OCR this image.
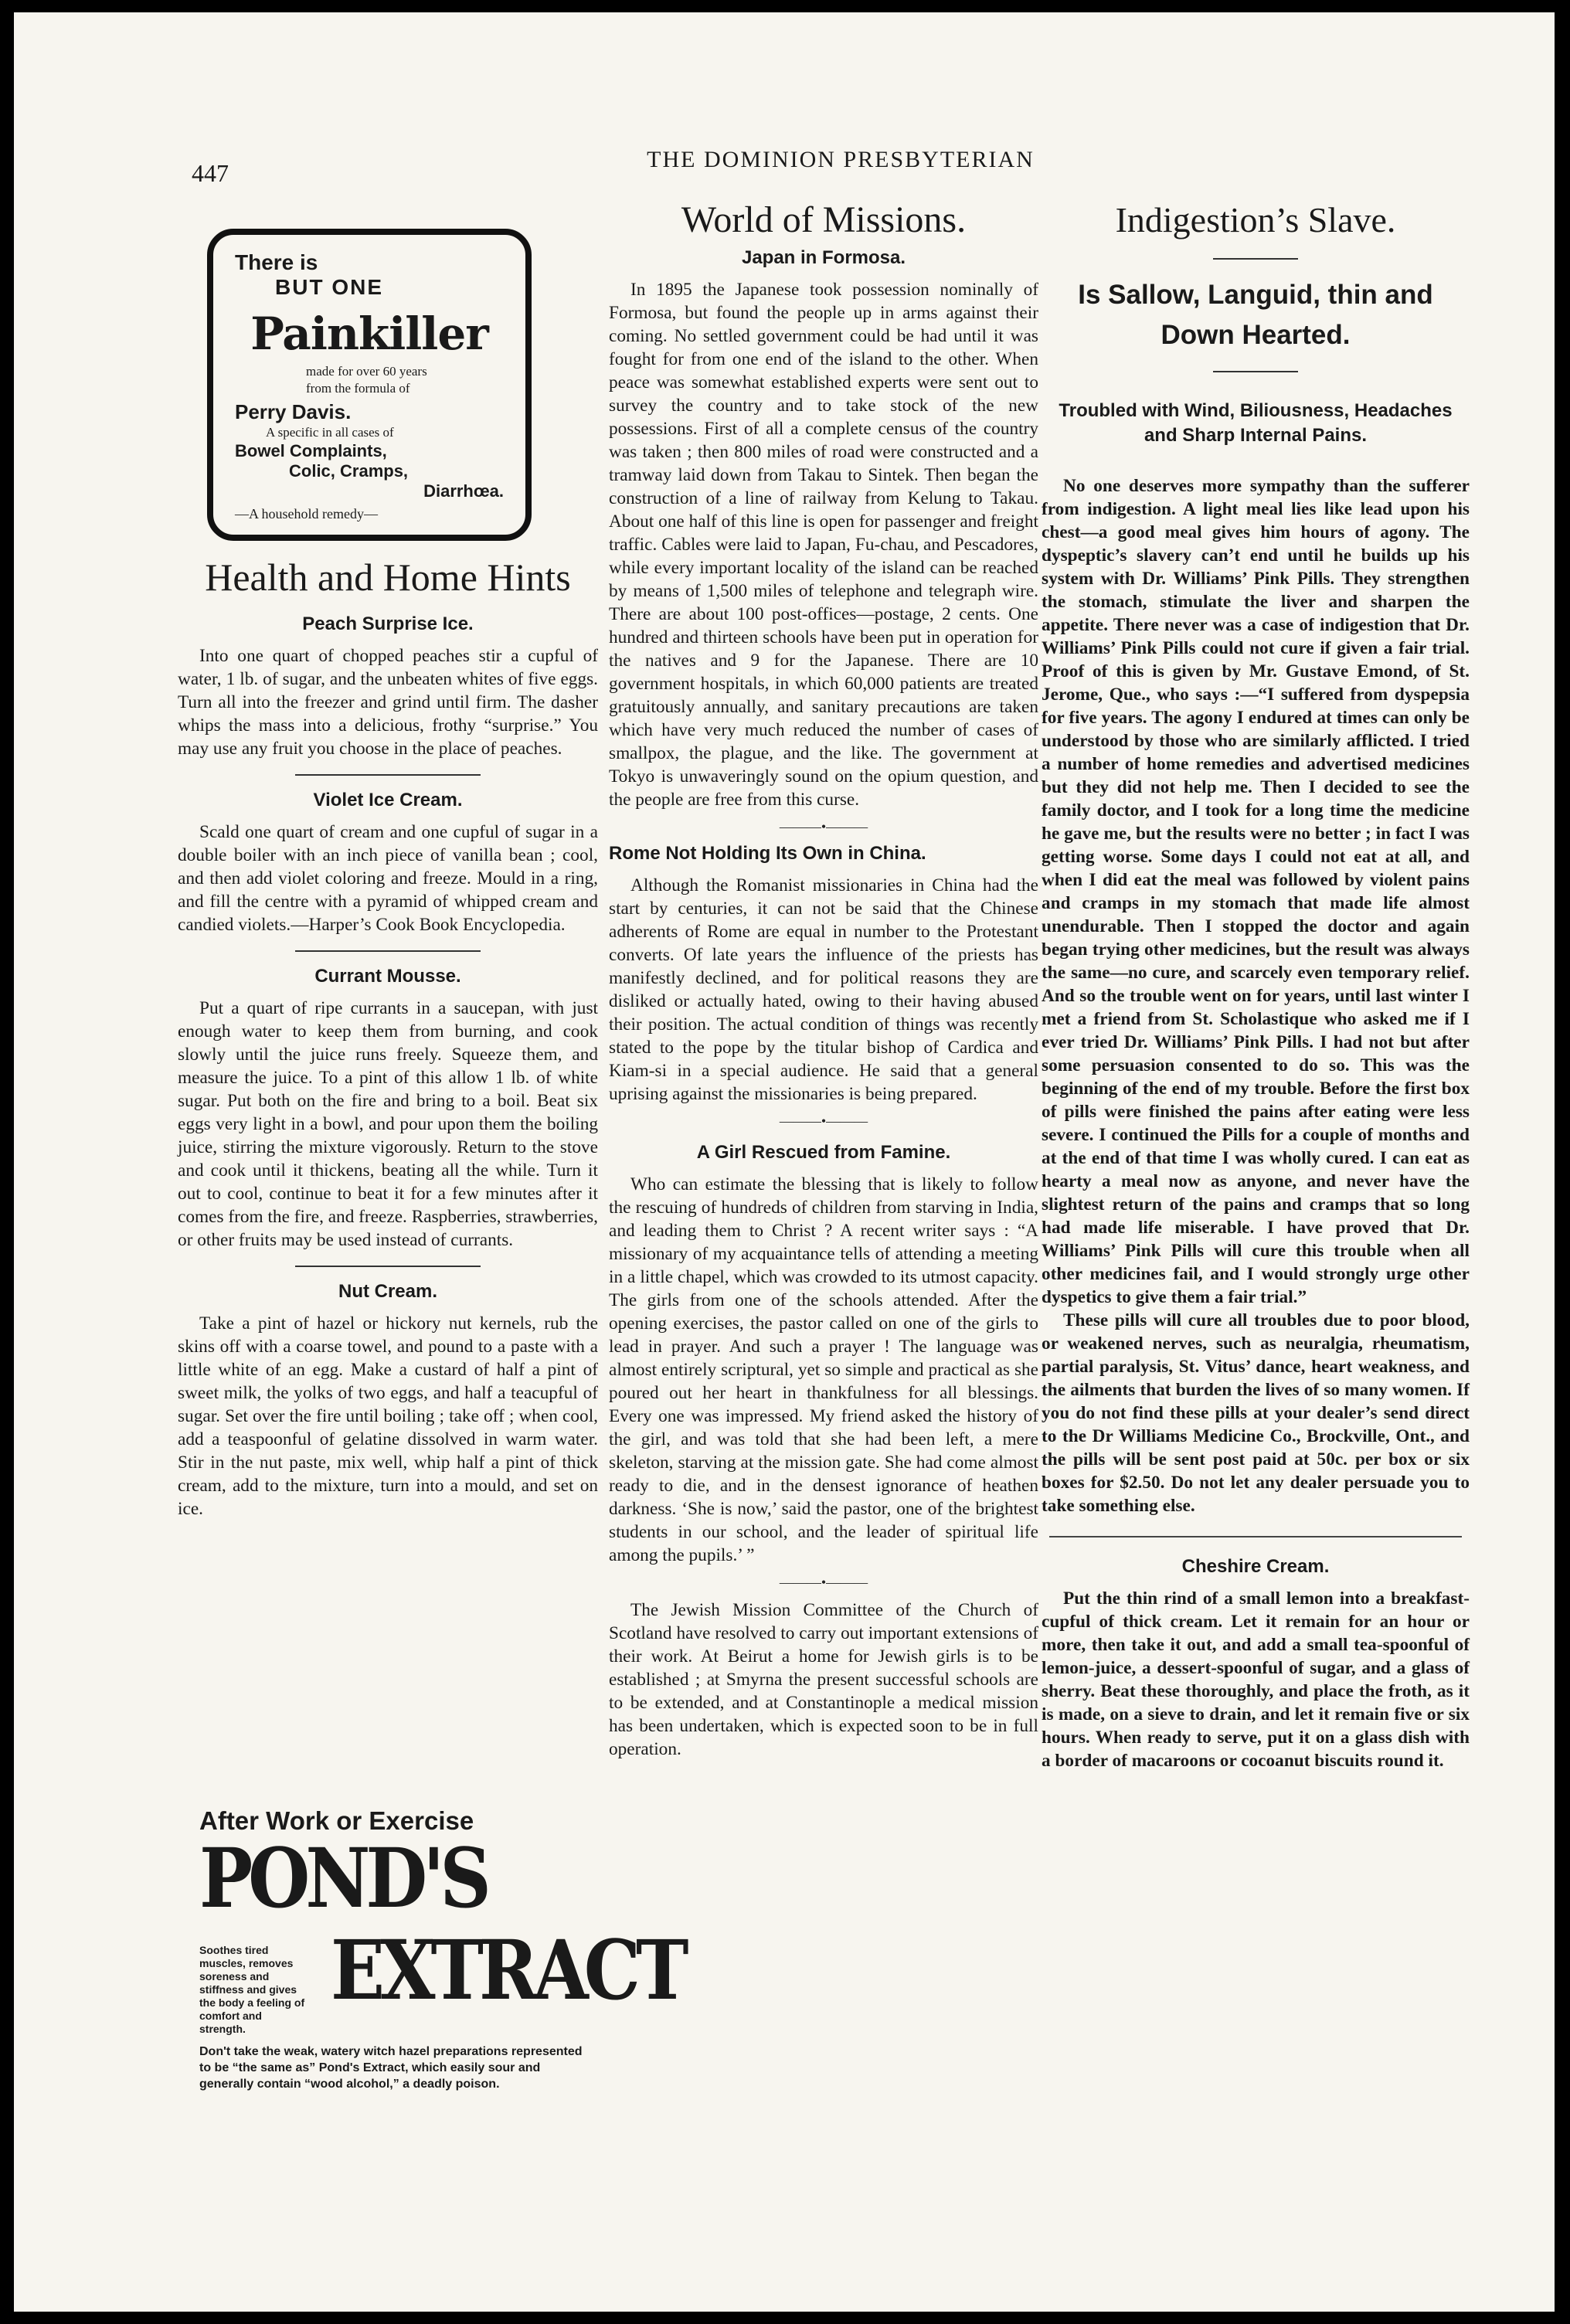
447	THE DOMINION PRESBYTERIAN
There is
BUT ONE
Painkiller
made for over 60 years
from the formula of
Perry Davis.
A specific in all cases of
Bowel Complaints,
Colic, Cramps,
Diarrhœa.
—A household remedy—
Health and Home Hints
Peach Surprise Ice.

Into one quart of chopped peaches stir a cupful of water, 1 lb. of sugar, and the unbeaten whites of five eggs. Turn all into the freezer and grind until firm. The dasher whips the mass into a delicious, frothy “surprise.” You may use any fruit you choose in the place of peaches.

Violet Ice Cream.

Scald one quart of cream and one cupful of sugar in a double boiler with an inch piece of vanilla bean ; cool, and then add violet coloring and freeze. Mould in a ring, and fill the centre with a pyramid of whipped cream and candied violets.—Harper’s Cook Book Encyclopedia.

Currant Mousse.

Put a quart of ripe currants in a saucepan, with just enough water to keep them from burning, and cook slowly until the juice runs freely. Squeeze them, and measure the juice. To a pint of this allow 1 lb. of white sugar. Put both on the fire and bring to a boil. Beat six eggs very light in a bowl, and pour upon them the boiling juice, stirring the mixture vigorously. Return to the stove and cook until it thickens, beating all the while. Turn it out to cool, continue to beat it for a few minutes after it comes from the fire, and freeze. Raspberries, strawberries, or other fruits may be used instead of currants.

Nut Cream.

Take a pint of hazel or hickory nut kernels, rub the skins off with a coarse towel, and pound to a paste with a little white of an egg. Make a custard of half a pint of sweet milk, the yolks of two eggs, and half a teacupful of sugar. Set over the fire until boiling ; take off ; when cool, add a teaspoonful of gelatine dissolved in warm water. Stir in the nut paste, mix well, whip half a pint of thick cream, add to the mixture, turn into a mould, and set on ice.

After Work or Exercise
POND'S
EXTRACT
Soothes tired muscles, removes soreness and stiffness and gives the body a feeling of comfort and strength.
Don't take the weak, watery witch hazel preparations represented to be “the same as” Pond's Extract, which easily sour and generally contain “wood alcohol,” a deadly poison.
World of Missions.
Japan in Formosa.

In 1895 the Japanese took possession nominally of Formosa, but found the people up in arms against their coming. No settled government could be had until it was fought for from one end of the island to the other. When peace was somewhat established experts were sent out to survey the country and to take stock of the new possessions. First of all a complete census of the country was taken ; then 800 miles of road were constructed and a tramway laid down from Takau to Sintek. Then began the construction of a line of railway from Kelung to Takau. About one half of this line is open for passenger and freight traffic. Cables were laid to Japan, Fu-chau, and Pescadores, while every important locality of the island can be reached by means of 1,500 miles of telephone and telegraph wire. There are about 100 post-offices—postage, 2 cents. One hundred and thirteen schools have been put in operation for the natives and 9 for the Japanese. There are 10 government hospitals, in which 60,000 patients are treated gratuitously annually, and sanitary precautions are taken which have very much reduced the number of cases of smallpox, the plague, and the like. The government at Tokyo is unwaveringly sound on the opium question, and the people are free from this curse.

———•———
Rome Not Holding Its Own in China.

Although the Romanist missionaries in China had the start by centuries, it can not be said that the Chinese adherents of Rome are equal in number to the Protestant converts. Of late years the influence of the priests has manifestly declined, and for political reasons they are disliked or actually hated, owing to their having abused their position. The actual condition of things was recently stated to the pope by the titular bishop of Cardica and Kiam-si in a special audience. He said that a general uprising against the missionaries is being prepared.

———•———
A Girl Rescued from Famine.

Who can estimate the blessing that is likely to follow the rescuing of hundreds of children from starving in India, and leading them to Christ ? A recent writer says : “A missionary of my acquaintance tells of attending a meeting in a little chapel, which was crowded to its utmost capacity. The girls from one of the schools attended. After the opening exercises, the pastor called on one of the girls to lead in prayer. And such a prayer ! The language was almost entirely scriptural, yet so simple and practical as she poured out her heart in thankfulness for all blessings. Every one was impressed. My friend asked the history of the girl, and was told that she had been left, a mere skeleton, starving at the mission gate. She had come almost ready to die, and in the densest ignorance of heathen darkness. ‘She is now,’ said the pastor, one of the brightest students in our school, and the leader of spiritual life among the pupils.’ ”

———•———

The Jewish Mission Committee of the Church of Scotland have resolved to carry out important extensions of their work. At Beirut a home for Jewish girls is to be established ; at Smyrna the present successful schools are to be extended, and at Constantinople a medical mission has been undertaken, which is expected soon to be in full operation.

Indigestion’s Slave.
Is Sallow, Languid, thin and Down Hearted.
Troubled with Wind, Biliousness, Headaches and Sharp Internal Pains.

No one deserves more sympathy than the sufferer from indigestion. A light meal lies like lead upon his chest—a good meal gives him hours of agony. The dyspeptic’s slavery can’t end until he builds up his system with Dr. Williams’ Pink Pills. They strengthen the stomach, stimulate the liver and sharpen the appetite. There never was a case of indigestion that Dr. Williams’ Pink Pills could not cure if given a fair trial. Proof of this is given by Mr. Gustave Emond, of St. Jerome, Que., who says :—“I suffered from dyspepsia for five years. The agony I endured at times can only be understood by those who are similarly afflicted. I tried a number of home remedies and advertised medicines but they did not help me. Then I decided to see the family doctor, and I took for a long time the medicine he gave me, but the results were no better ; in fact I was getting worse. Some days I could not eat at all, and when I did eat the meal was followed by violent pains and cramps in my stomach that made life almost unendurable. Then I stopped the doctor and again began trying other medicines, but the result was always the same—no cure, and scarcely even temporary relief. And so the trouble went on for years, until last winter I met a friend from St. Scholastique who asked me if I ever tried Dr. Williams’ Pink Pills. I had not but after some persuasion consented to do so. This was the beginning of the end of my trouble. Before the first box of pills were finished the pains after eating were less severe. I continued the Pills for a couple of months and at the end of that time I was wholly cured. I can eat as hearty a meal now as anyone, and never have the slightest return of the pains and cramps that so long had made life miserable. I have proved that Dr. Williams’ Pink Pills will cure this trouble when all other medicines fail, and I would strongly urge other dyspetics to give them a fair trial.”

These pills will cure all troubles due to poor blood, or weakened nerves, such as neuralgia, rheumatism, partial paralysis, St. Vitus’ dance, heart weakness, and the ailments that burden the lives of so many women. If you do not find these pills at your dealer’s send direct to the Dr Williams Medicine Co., Brockville, Ont., and the pills will be sent post paid at 50c. per box or six boxes for $2.50. Do not let any dealer persuade you to take something else.

Cheshire Cream.

Put the thin rind of a small lemon into a breakfast-cupful of thick cream. Let it remain for an hour or more, then take it out, and add a small tea-spoonful of lemon-juice, a dessert-spoonful of sugar, and a glass of sherry. Beat these thoroughly, and place the froth, as it is made, on a sieve to drain, and let it remain five or six hours. When ready to serve, put it on a glass dish with a border of macaroons or cocoanut biscuits round it.
